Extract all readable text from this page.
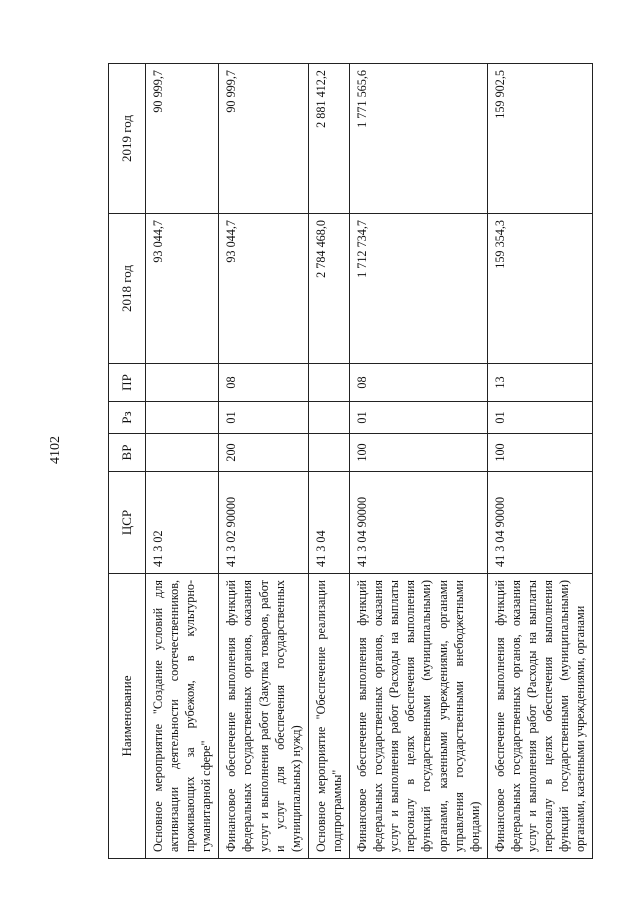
4102
Наименование	ЦСР	ВР	Рз	ПР	2018 год	2019 год
Основное мероприятие "Создание условий для активизации деятельности соотечественников, проживающих за рубежом, в культурно-гуманитарной сфере"	41 3 02				93 044,7	90 999,7
Финансовое обеспечение выполнения функций федеральных государственных органов, оказания услуг и выполнения работ (Закупка товаров, работ и услуг для обеспечения государственных (муниципальных) нужд)	41 3 02 90000	200	01	08	93 044,7	90 999,7
Основное мероприятие "Обеспечение реализации подпрограммы"	41 3 04				2 784 468,0	2 881 412,2
Финансовое обеспечение выполнения функций федеральных государственных органов, оказания услуг и выполнения работ (Расходы на выплаты персоналу в целях обеспечения выполнения функций государственными (муниципальными) органами, казенными учреждениями, органами управления государственными внебюджетными фондами)	41 3 04 90000	100	01	08	1 712 734,7	1 771 565,6
Финансовое обеспечение выполнения функций федеральных государственных органов, оказания услуг и выполнения работ (Расходы на выплаты персоналу в целях обеспечения выполнения функций государственными (муниципальными) органами, казенными учреждениями, органами	41 3 04 90000	100	01	13	159 354,3	159 902,5
